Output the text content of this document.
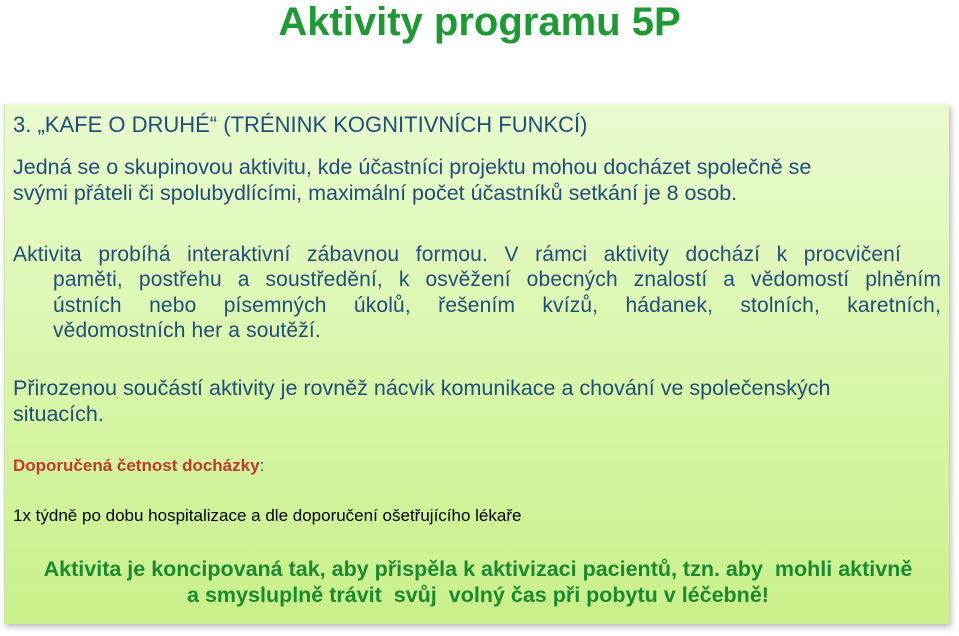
Aktivity programu 5P
3. „KAFE O DRUHÉ“ (TRÉNINK KOGNITIVNÍCH FUNKCÍ)
Jedná se o skupinovou aktivitu, kde účastníci projektu mohou docházet společně se
svými přáteli či spolubydlícími, maximální počet účastníků setkání je 8 osob.
Aktivita probíhá interaktivní zábavnou formou. V rámci aktivity dochází k procvičení
paměti, postřehu a soustředění, k osvěžení obecných znalostí a vědomostí plněním
ústních nebo písemných úkolů, řešením kvízů, hádanek, stolních, karetních,
vědomostních her a soutěží.
Přirozenou součástí aktivity je rovněž nácvik komunikace a chování ve společenských
situacích.
Doporučená četnost docházky:
1x týdně po dobu hospitalizace a dle doporučení ošetřujícího lékaře
Aktivita je koncipovaná tak, aby přispěla k aktivizaci pacientů, tzn. aby  mohli aktivně
a smysluplně trávit  svůj  volný čas při pobytu v léčebně!
